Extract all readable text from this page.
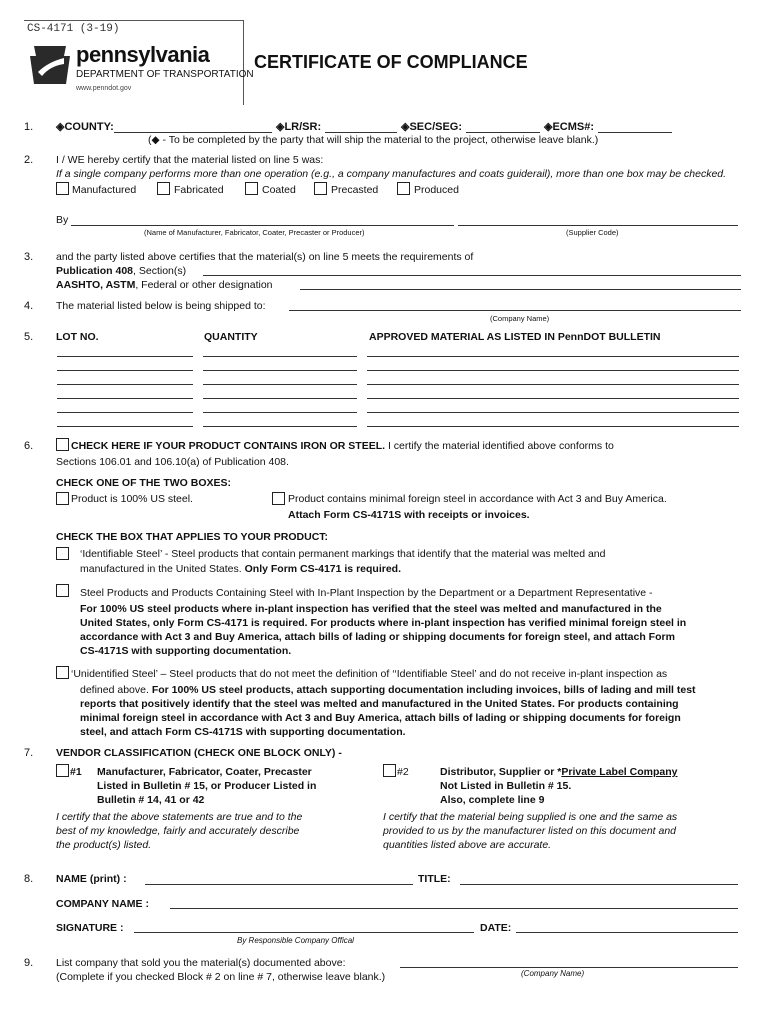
CS-4171 (3-19)
pennsylvania
DEPARTMENT OF TRANSPORTATION
www.penndot.gov
CERTIFICATE OF COMPLIANCE
1. ◈COUNTY:	◈LR/SR:	◈SEC/SEG:	◈ECMS#:
(◆ - To be completed by the party that will ship the material to the project, otherwise leave blank.)
2. I / WE hereby certify that the material listed on line 5 was:
If a single company performs more than one operation (e.g., a company manufactures and coats guiderail), more than one box may be checked.
Manufactured	Fabricated	Coated	Precasted	Produced
By
(Name of Manufacturer, Fabricator, Coater, Precaster or Producer)	(Supplier Code)
3. and the party listed above certifies that the material(s) on line 5 meets the requirements of
Publication 408, Section(s)
AASHTO, ASTM, Federal or other designation
4. The material listed below is being shipped to:
(Company Name)
5. LOT NO.	QUANTITY	APPROVED MATERIAL AS LISTED IN PennDOT BULLETIN
6.	CHECK HERE IF YOUR PRODUCT CONTAINS IRON OR STEEL. I certify the material identified above conforms to
Sections 106.01 and 106.10(a) of Publication 408.
CHECK ONE OF THE TWO BOXES:
Product is 100% US steel.	Product contains minimal foreign steel in accordance with Act 3 and Buy America.
Attach Form CS-4171S with receipts or invoices.
CHECK THE BOX THAT APPLIES TO YOUR PRODUCT:
‘Identifiable Steel’ - Steel products that contain permanent markings that identify that the material was melted and
manufactured in the United States. Only Form CS-4171 is required.
Steel Products and Products Containing Steel with In-Plant Inspection by the Department or a Department Representative -
For 100% US steel products where in-plant inspection has verified that the steel was melted and manufactured in the
United States, only Form CS-4171 is required. For products where in-plant inspection has verified minimal foreign steel in
accordance with Act 3 and Buy America, attach bills of lading or shipping documents for foreign steel, and attach Form
CS-4171S with supporting documentation.
‘Unidentified Steel’ – Steel products that do not meet the definition of ‘‘Identifiable Steel’ and do not receive in-plant inspection as
defined above. For 100% US steel products, attach supporting documentation including invoices, bills of lading and mill test
reports that positively identify that the steel was melted and manufactured in the United States. For products containing
minimal foreign steel in accordance with Act 3 and Buy America, attach bills of lading or shipping documents for foreign
steel, and attach Form CS-4171S with supporting documentation.
7. VENDOR CLASSIFICATION (CHECK ONE BLOCK ONLY) -
#1 Manufacturer, Fabricator, Coater, Precaster
Listed in Bulletin # 15, or Producer Listed in
Bulletin # 14, 41 or 42
I certify that the above statements are true and to the
best of my knowledge, fairly and accurately describe
the product(s) listed.
#2	Distributor, Supplier or *Private Label Company
Not Listed in Bulletin # 15.
Also, complete line 9
I certify that the material being supplied is one and the same as
provided to us by the manufacturer listed on this document and
quantities listed above are accurate.
8. NAME (print) :	TITLE:
COMPANY NAME :
SIGNATURE :	DATE:
By Responsible Company Offical
9. List company that sold you the material(s) documented above:
(Complete if you checked Block # 2 on line # 7, otherwise leave blank.)	(Company Name)
